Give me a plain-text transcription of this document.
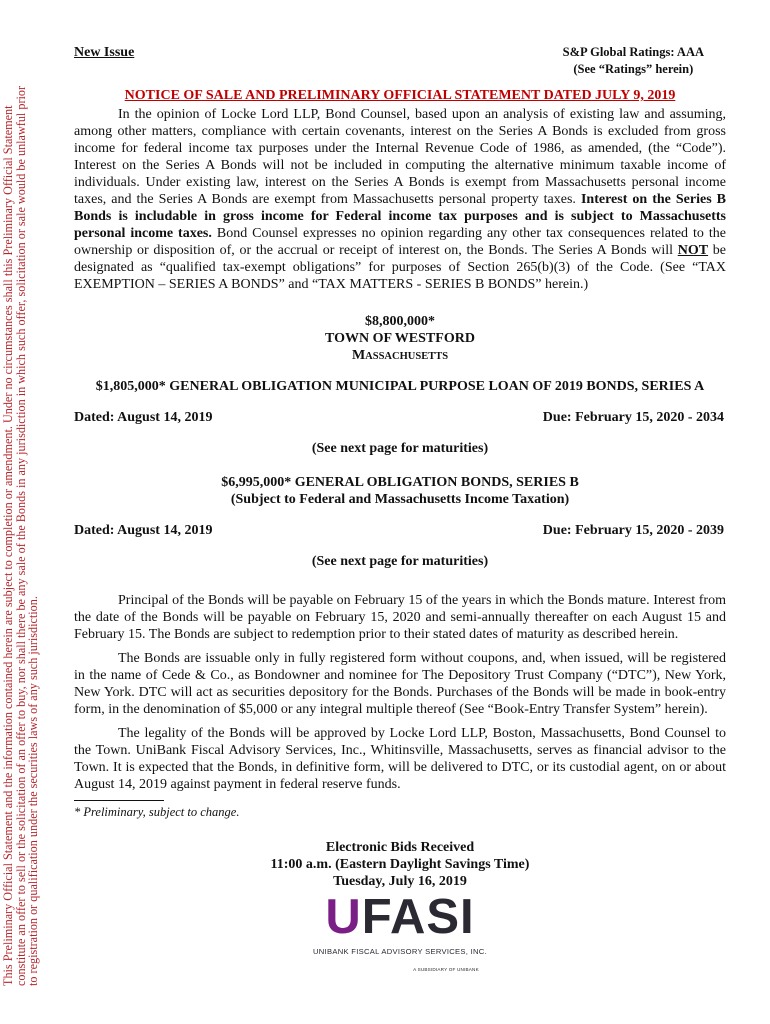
This Preliminary Official Statement and the information contained herein are subject to completion or amendment. Under no circumstances shall this Preliminary Official Statement
constitute an offer to sell or the solicitation of an offer to buy, nor shall there be any sale of the Bonds in any jurisdiction in which such offer, solicitation or sale would be unlawful prior
to registration or qualification under the securities laws of any such jurisdiction.
New Issue	S&P Global Ratings: AAA
(See “Ratings” herein)
NOTICE OF SALE AND PRELIMINARY OFFICIAL STATEMENT DATED JULY 9, 2019

In the opinion of Locke Lord LLP, Bond Counsel, based upon an analysis of existing law and assuming, among other matters, compliance with certain covenants, interest on the Series A Bonds is excluded from gross income for federal income tax purposes under the Internal Revenue Code of 1986, as amended, (the “Code”). Interest on the Series A Bonds will not be included in computing the alternative minimum taxable income of individuals. Under existing law, interest on the Series A Bonds is exempt from Massachusetts personal income taxes, and the Series A Bonds are exempt from Massachusetts personal property taxes. Interest on the Series B Bonds is includable in gross income for Federal income tax purposes and is subject to Massachusetts personal income taxes. Bond Counsel expresses no opinion regarding any other tax consequences related to the ownership or disposition of, or the accrual or receipt of interest on, the Bonds. The Series A Bonds will NOT be designated as “qualified tax-exempt obligations” for purposes of Section 265(b)(3) of the Code. (See “TAX EXEMPTION – SERIES A BONDS” and “TAX MATTERS - SERIES B BONDS” herein.)

$8,800,000*
TOWN OF WESTFORD
MASSACHUSETTS
$1,805,000* GENERAL OBLIGATION MUNICIPAL PURPOSE LOAN OF 2019 BONDS, SERIES A
Dated: August 14, 2019	Due: February 15, 2020 - 2034
(See next page for maturities)
$6,995,000* GENERAL OBLIGATION BONDS, SERIES B
(Subject to Federal and Massachusetts Income Taxation)
Dated: August 14, 2019	Due: February 15, 2020 - 2039
(See next page for maturities)

Principal of the Bonds will be payable on February 15 of the years in which the Bonds mature. Interest from the date of the Bonds will be payable on February 15, 2020 and semi-annually thereafter on each August 15 and February 15. The Bonds are subject to redemption prior to their stated dates of maturity as described herein.

The Bonds are issuable only in fully registered form without coupons, and, when issued, will be registered in the name of Cede & Co., as Bondowner and nominee for The Depository Trust Company (“DTC”), New York, New York. DTC will act as securities depository for the Bonds. Purchases of the Bonds will be made in book-entry form, in the denomination of $5,000 or any integral multiple thereof (See “Book-Entry Transfer System” herein).

The legality of the Bonds will be approved by Locke Lord LLP, Boston, Massachusetts, Bond Counsel to the Town. UniBank Fiscal Advisory Services, Inc., Whitinsville, Massachusetts, serves as financial advisor to the Town. It is expected that the Bonds, in definitive form, will be delivered to DTC, or its custodial agent, on or about August 14, 2019 against payment in federal reserve funds.

* Preliminary, subject to change.
Electronic Bids Received
11:00 a.m. (Eastern Daylight Savings Time)
Tuesday, July 16, 2019
UFASI
UNIBANK FISCAL ADVISORY SERVICES, INC.
A SUBSIDIARY OF UNIBANK
